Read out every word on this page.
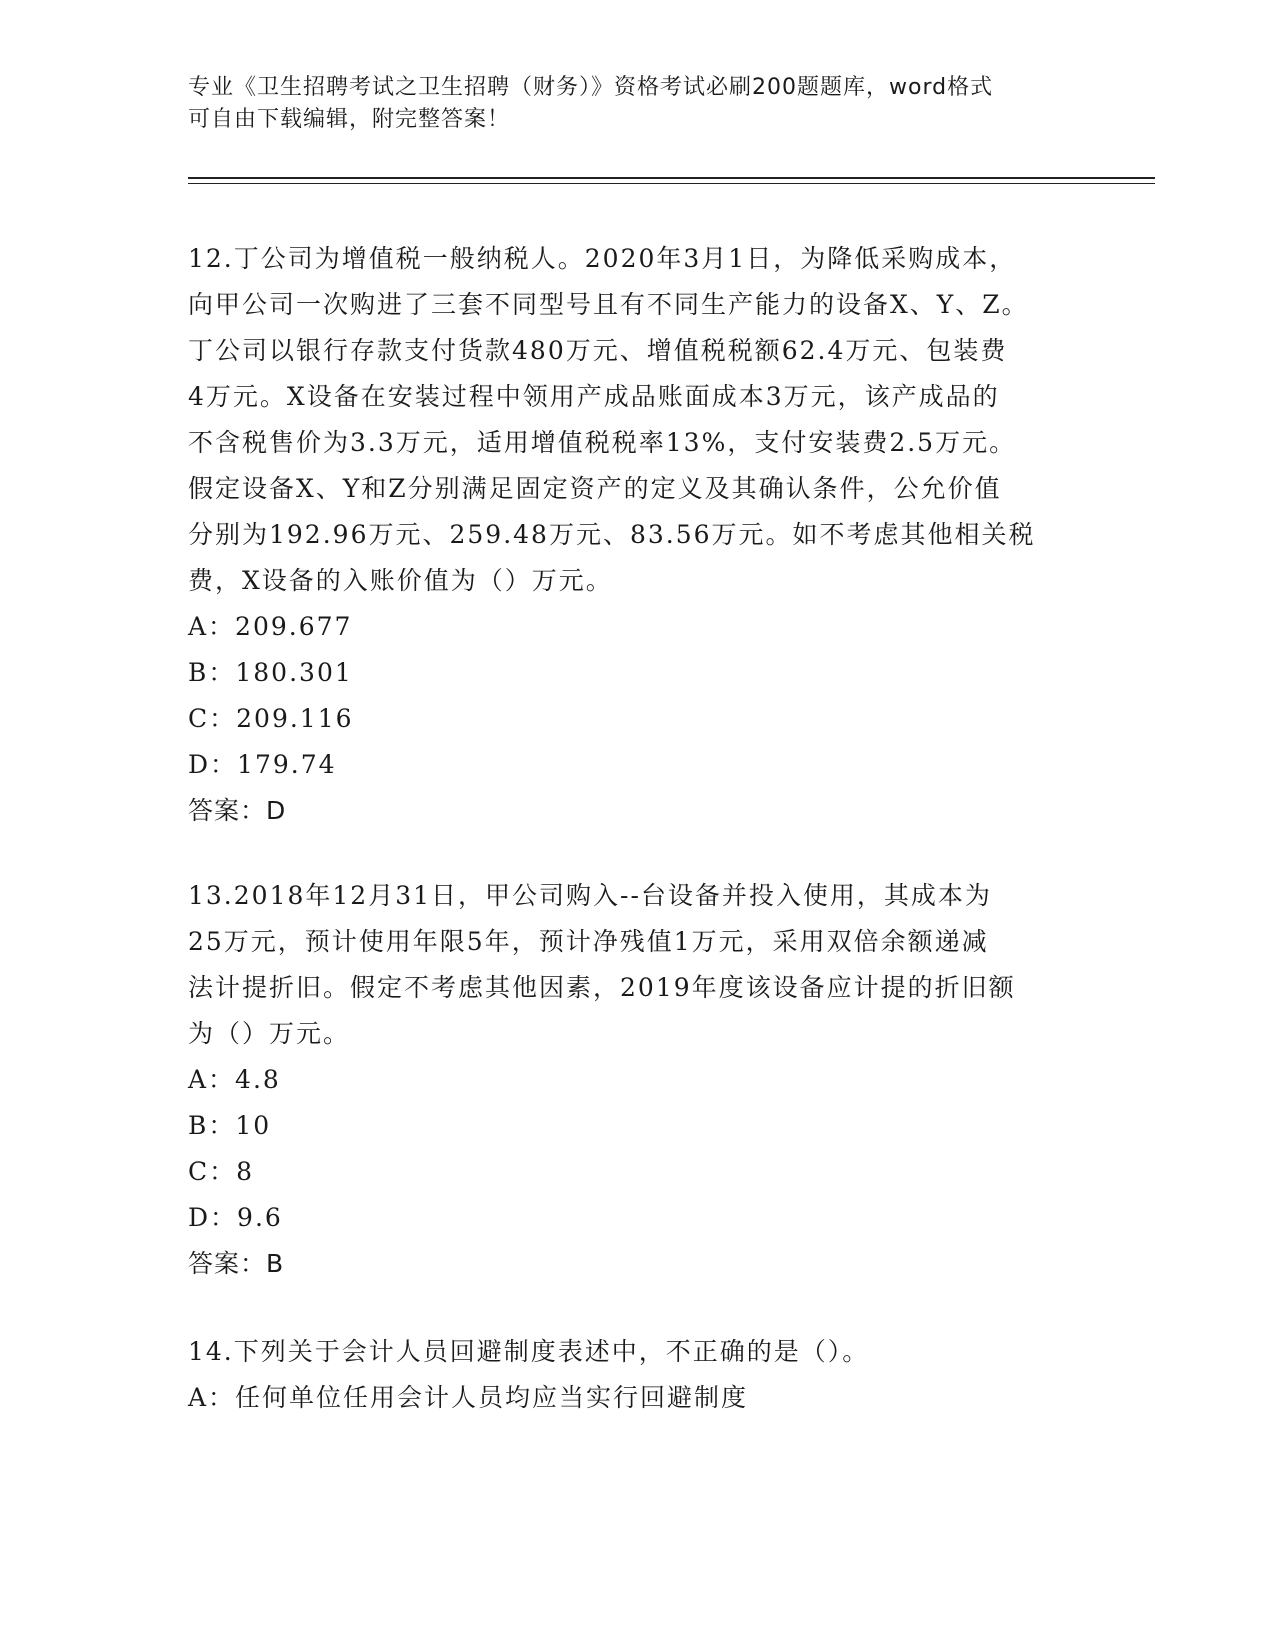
专业《卫生招聘考试之卫生招聘（财务）》资格考试必刷200题题库，word格式
可自由下载编辑，附完整答案！

12.丁公司为增值税一般纳税人。2020年3月1日，为降低采购成本，

向甲公司一次购进了三套不同型号且有不同生产能力的设备X、Y、Z。

丁公司以银行存款支付货款480万元、增值税税额62.4万元、包装费

4万元。X设备在安装过程中领用产成品账面成本3万元，该产成品的

不含税售价为3.3万元，适用增值税税率13%，支付安装费2.5万元。

假定设备X、Y和Z分别满足固定资产的定义及其确认条件，公允价值

分别为192.96万元、259.48万元、83.56万元。如不考虑其他相关税

费，X设备的入账价值为（）万元。

A：209.677

B：180.301

C：209.116

D：179.74

答案：D

13.2018年12月31日，甲公司购入--台设备并投入使用，其成本为

25万元，预计使用年限5年，预计净残值1万元，采用双倍余额递减

法计提折旧。假定不考虑其他因素，2019年度该设备应计提的折旧额

为（）万元。

A：4.8

B：10

C：8

D：9.6

答案：B

14.下列关于会计人员回避制度表述中，不正确的是（）。

A：任何单位任用会计人员均应当实行回避制度
